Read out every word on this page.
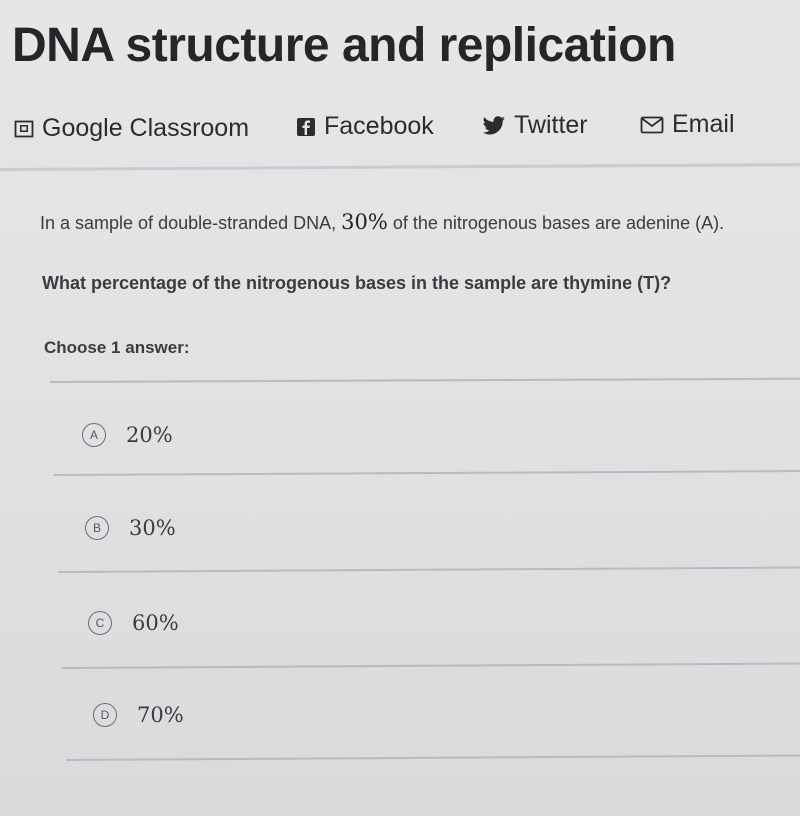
DNA structure and replication
Google Classroom	Facebook	Twitter	Email
In a sample of double-stranded DNA, 30% of the nitrogenous bases are adenine (A).
What percentage of the nitrogenous bases in the sample are thymine (T)?
Choose 1 answer:
A	20%
B	30%
C	60%
D	70%
